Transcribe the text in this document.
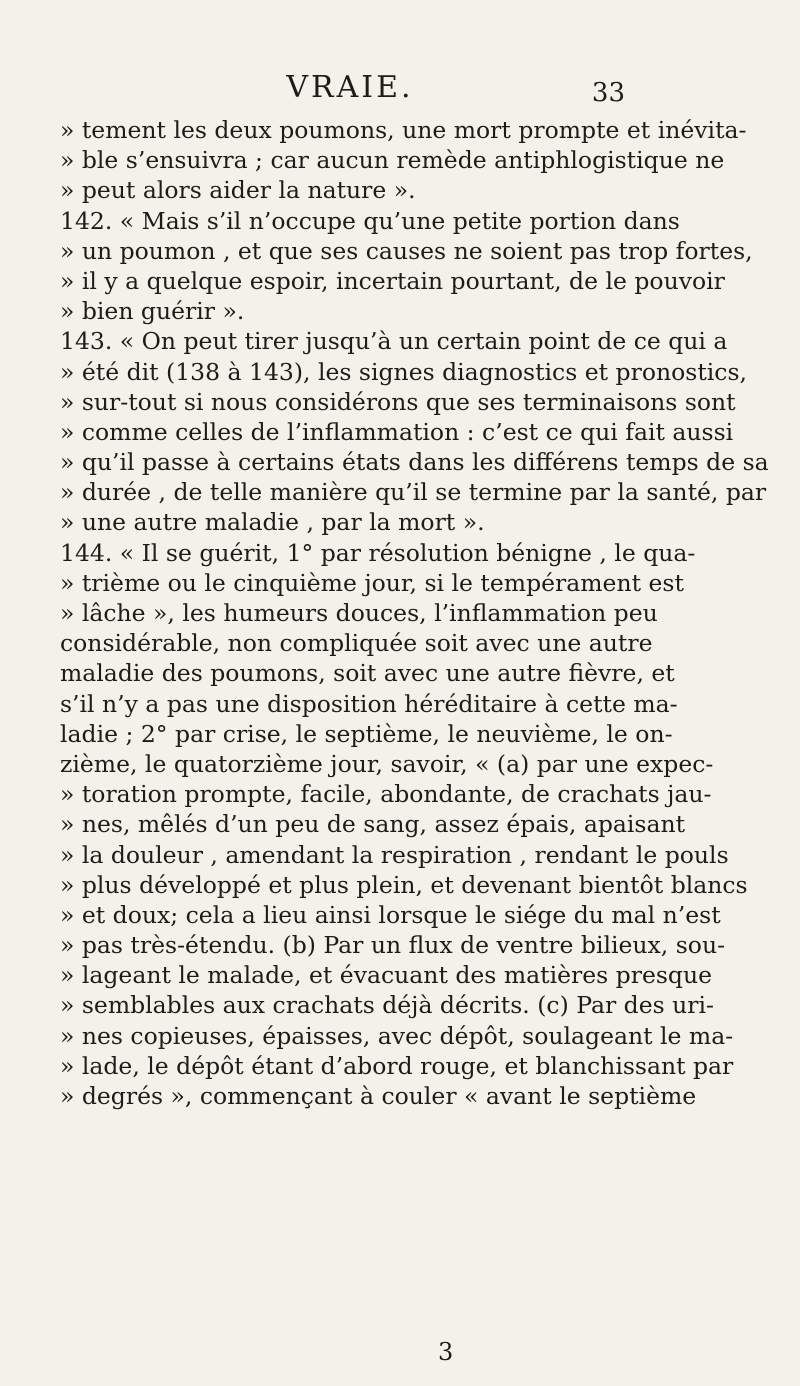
VRAIE.	33
» tement les deux poumons, une mort prompte et inévita-
» ble s’ensuivra ; car aucun remède antiphlogistique ne
» peut alors aider la nature ».
142. « Mais s’il n’occupe qu’une petite portion dans
» un poumon , et que ses causes ne soient pas trop fortes,
» il y a quelque espoir, incertain pourtant, de le pouvoir
» bien guérir ».
143. « On peut tirer jusqu’à un certain point de ce qui a
» été dit (138 à 143), les signes diagnostics et pronostics,
» sur-tout si nous considérons que ses terminaisons sont
» comme celles de l’inflammation : c’est ce qui fait aussi
» qu’il passe à certains états dans les différens temps de sa
» durée , de telle manière qu’il se termine par la santé, par
» une autre maladie , par la mort ».
144. « Il se guérit, 1° par résolution bénigne , le qua-
» trième ou le cinquième jour, si le tempérament est
» lâche », les humeurs douces, l’inflammation peu
considérable, non compliquée soit avec une autre
maladie des poumons, soit avec une autre fièvre, et
s’il n’y a pas une disposition héréditaire à cette ma-
ladie ; 2° par crise, le septième, le neuvième, le on-
zième, le quatorzième jour, savoir, « (a) par une expec-
» toration prompte, facile, abondante, de crachats jau-
» nes, mêlés d’un peu de sang, assez épais, apaisant
» la douleur , amendant la respiration , rendant le pouls
» plus développé et plus plein, et devenant bientôt blancs
» et doux; cela a lieu ainsi lorsque le siége du mal n’est
» pas très-étendu. (b) Par un flux de ventre bilieux, sou-
» lageant le malade, et évacuant des matières presque
» semblables aux crachats déjà décrits. (c) Par des uri-
» nes copieuses, épaisses, avec dépôt, soulageant le ma-
» lade, le dépôt étant d’abord rouge, et blanchissant par
» degrés », commençant à couler « avant le septième
3
